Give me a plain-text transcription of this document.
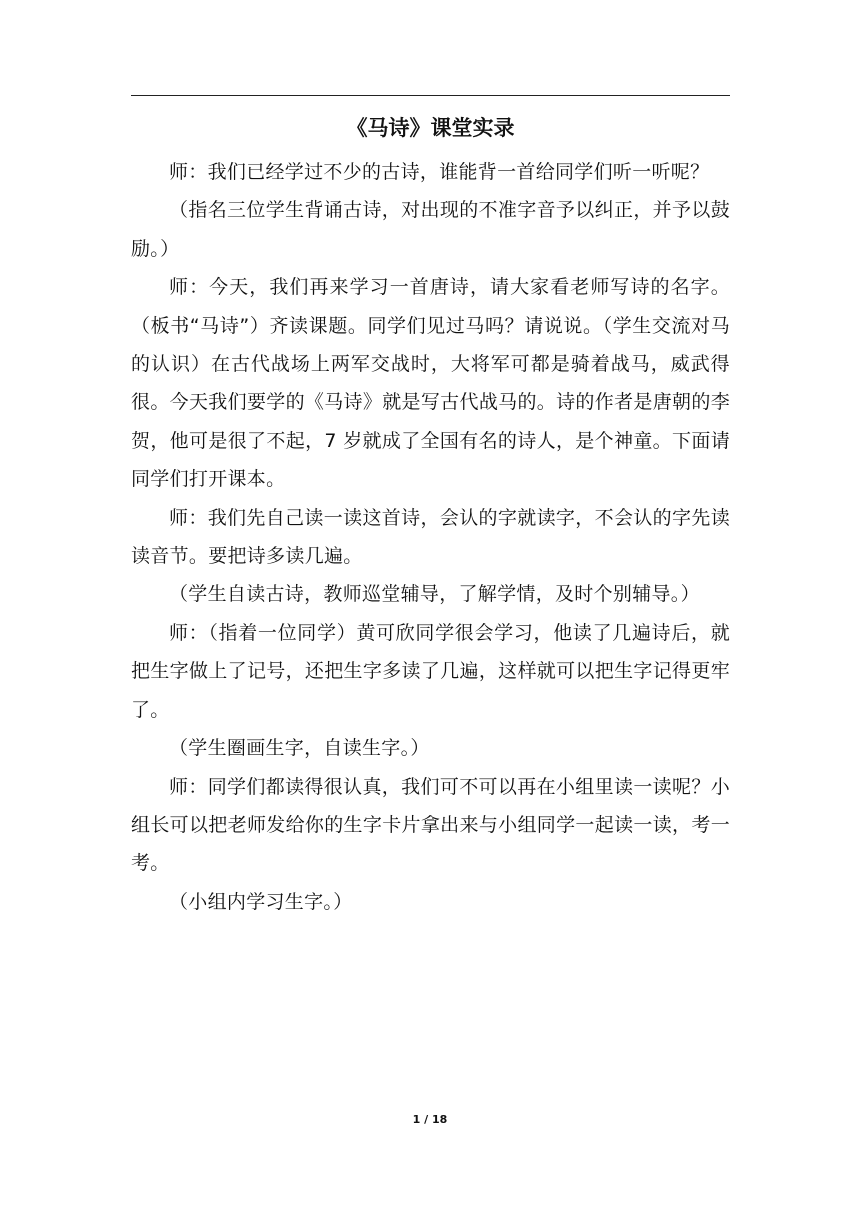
《马诗》课堂实录

师：我们已经学过不少的古诗，谁能背一首给同学们听一听呢？

（指名三位学生背诵古诗，对出现的不准字音予以纠正，并予以鼓励。）

师：今天，我们再来学习一首唐诗，请大家看老师写诗的名字。（板书“马诗”）齐读课题。同学们见过马吗？请说说。（学生交流对马的认识）在古代战场上两军交战时，大将军可都是骑着战马，威武得很。今天我们要学的《马诗》就是写古代战马的。诗的作者是唐朝的李贺，他可是很了不起，7 岁就成了全国有名的诗人，是个神童。下面请同学们打开课本。

师：我们先自己读一读这首诗，会认的字就读字，不会认的字先读读音节。要把诗多读几遍。

（学生自读古诗，教师巡堂辅导，了解学情，及时个别辅导。）

师：（指着一位同学）黄可欣同学很会学习，他读了几遍诗后，就把生字做上了记号，还把生字多读了几遍，这样就可以把生字记得更牢了。

（学生圈画生字，自读生字。）

师：同学们都读得很认真，我们可不可以再在小组里读一读呢？小组长可以把老师发给你的生字卡片拿出来与小组同学一起读一读，考一考。

（小组内学习生字。）

1 / 18
